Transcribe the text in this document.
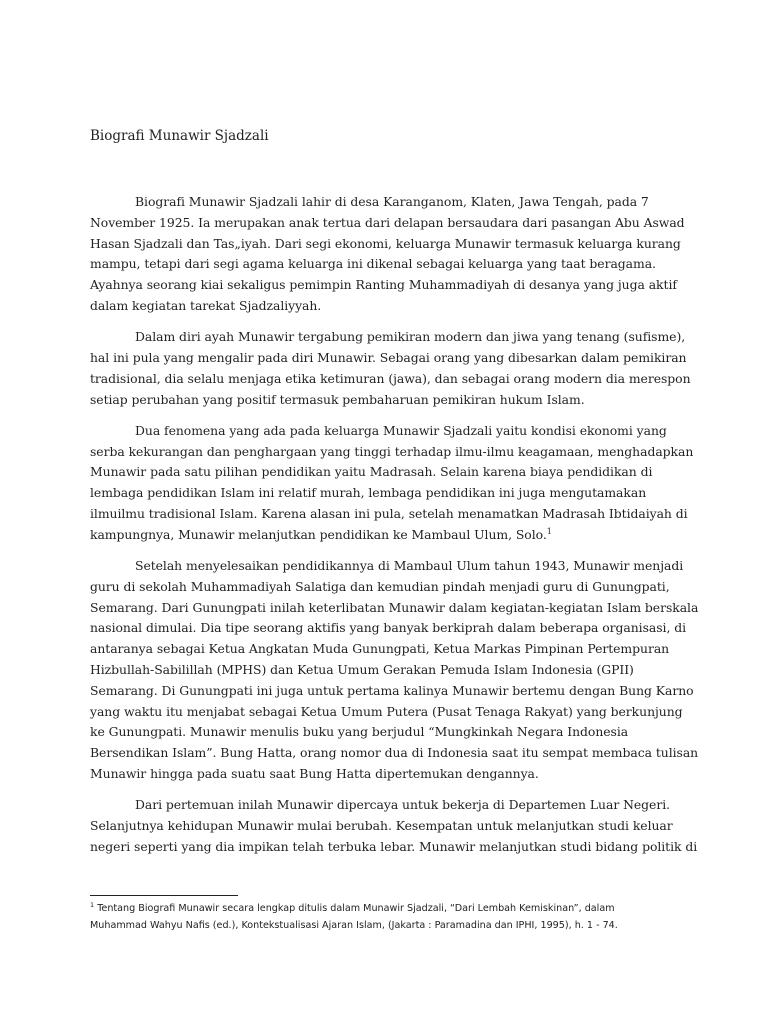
Biografi Munawir Sjadzali
Biografi Munawir Sjadzali lahir di desa Karanganom, Klaten, Jawa Tengah, pada 7
November 1925. Ia merupakan anak tertua dari delapan bersaudara dari pasangan Abu Aswad
Hasan Sjadzali dan Tas„iyah. Dari segi ekonomi, keluarga Munawir termasuk keluarga kurang
mampu, tetapi dari segi agama keluarga ini dikenal sebagai keluarga yang taat beragama.
Ayahnya seorang kiai sekaligus pemimpin Ranting Muhammadiyah di desanya yang juga aktif
dalam kegiatan tarekat Sjadzaliyyah.
Dalam diri ayah Munawir tergabung pemikiran modern dan jiwa yang tenang (sufisme),
hal ini pula yang mengalir pada diri Munawir. Sebagai orang yang dibesarkan dalam pemikiran
tradisional, dia selalu menjaga etika ketimuran (jawa), dan sebagai orang modern dia merespon
setiap perubahan yang positif termasuk pembaharuan pemikiran hukum Islam.
Dua fenomena yang ada pada keluarga Munawir Sjadzali yaitu kondisi ekonomi yang
serba kekurangan dan penghargaan yang tinggi terhadap ilmu-ilmu keagamaan, menghadapkan
Munawir pada satu pilihan pendidikan yaitu Madrasah. Selain karena biaya pendidikan di
lembaga pendidikan Islam ini relatif murah, lembaga pendidikan ini juga mengutamakan
ilmuilmu tradisional Islam. Karena alasan ini pula, setelah menamatkan Madrasah Ibtidaiyah di
kampungnya, Munawir melanjutkan pendidikan ke Mambaul Ulum, Solo.$^1$
Setelah menyelesaikan pendidikannya di Mambaul Ulum tahun 1943, Munawir menjadi
guru di sekolah Muhammadiyah Salatiga dan kemudian pindah menjadi guru di Gunungpati,
Semarang. Dari Gunungpati inilah keterlibatan Munawir dalam kegiatan-kegiatan Islam berskala
nasional dimulai. Dia tipe seorang aktifis yang banyak berkiprah dalam beberapa organisasi, di
antaranya sebagai Ketua Angkatan Muda Gunungpati, Ketua Markas Pimpinan Pertempuran
Hizbullah-Sabilillah (MPHS) dan Ketua Umum Gerakan Pemuda Islam Indonesia (GPII)
Semarang. Di Gunungpati ini juga untuk pertama kalinya Munawir bertemu dengan Bung Karno
yang waktu itu menjabat sebagai Ketua Umum Putera (Pusat Tenaga Rakyat) yang berkunjung
ke Gunungpati. Munawir menulis buku yang berjudul “Mungkinkah Negara Indonesia
Bersendikan Islam”. Bung Hatta, orang nomor dua di Indonesia saat itu sempat membaca tulisan
Munawir hingga pada suatu saat Bung Hatta dipertemukan dengannya.
Dari pertemuan inilah Munawir dipercaya untuk bekerja di Departemen Luar Negeri.
Selanjutnya kehidupan Munawir mulai berubah. Kesempatan untuk melanjutkan studi keluar
negeri seperti yang dia impikan telah terbuka lebar. Munawir melanjutkan studi bidang politik di
$^1$ Tentang Biografi Munawir secara lengkap ditulis dalam Munawir Sjadzali, “Dari Lembah Kemiskinan”, dalam
Muhammad Wahyu Nafis (ed.), Kontekstualisasi Ajaran Islam, (Jakarta : Paramadina dan IPHI, 1995), h. 1 - 74.
